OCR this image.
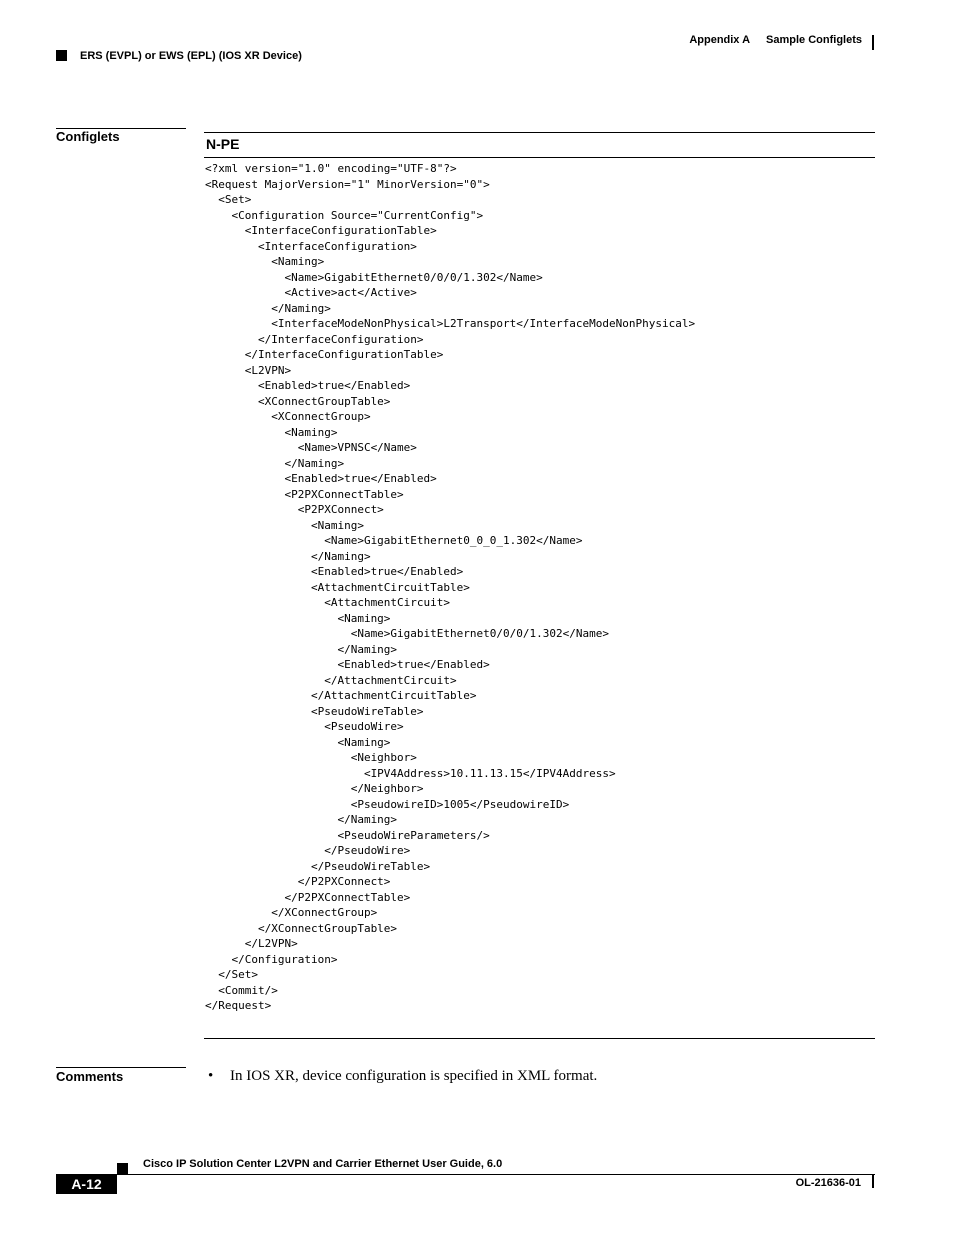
Appendix A Sample Configlets
ERS (EVPL) or EWS (EPL) (IOS XR Device)
Configlets	N-PE
<?xml version="1.0" encoding="UTF-8"?>
<Request MajorVersion="1" MinorVersion="0">
<Set>
<Configuration Source="CurrentConfig">
<InterfaceConfigurationTable>
<InterfaceConfiguration>
<Naming>
<Name>GigabitEthernet0/0/0/1.302</Name>
<Active>act</Active>
</Naming>
<InterfaceModeNonPhysical>L2Transport</InterfaceModeNonPhysical>
</InterfaceConfiguration>
</InterfaceConfigurationTable>
<L2VPN>
<Enabled>true</Enabled>
<XConnectGroupTable>
<XConnectGroup>
<Naming>
<Name>VPNSC</Name>
</Naming>
<Enabled>true</Enabled>
<P2PXConnectTable>
<P2PXConnect>
<Naming>
<Name>GigabitEthernet0_0_0_1.302</Name>
</Naming>
<Enabled>true</Enabled>
<AttachmentCircuitTable>
<AttachmentCircuit>
<Naming>
<Name>GigabitEthernet0/0/0/1.302</Name>
</Naming>
<Enabled>true</Enabled>
</AttachmentCircuit>
</AttachmentCircuitTable>
<PseudoWireTable>
<PseudoWire>
<Naming>
<Neighbor>
<IPV4Address>10.11.13.15</IPV4Address>
</Neighbor>
<PseudowireID>1005</PseudowireID>
</Naming>
<PseudoWireParameters/>
</PseudoWire>
</PseudoWireTable>
</P2PXConnect>
</P2PXConnectTable>
</XConnectGroup>
</XConnectGroupTable>
</L2VPN>
</Configuration>
</Set>
<Commit/>
</Request>
Comments	• In IOS XR, device configuration is specified in XML format.
Cisco IP Solution Center L2VPN and Carrier Ethernet User Guide, 6.0
A-12	OL-21636-01
